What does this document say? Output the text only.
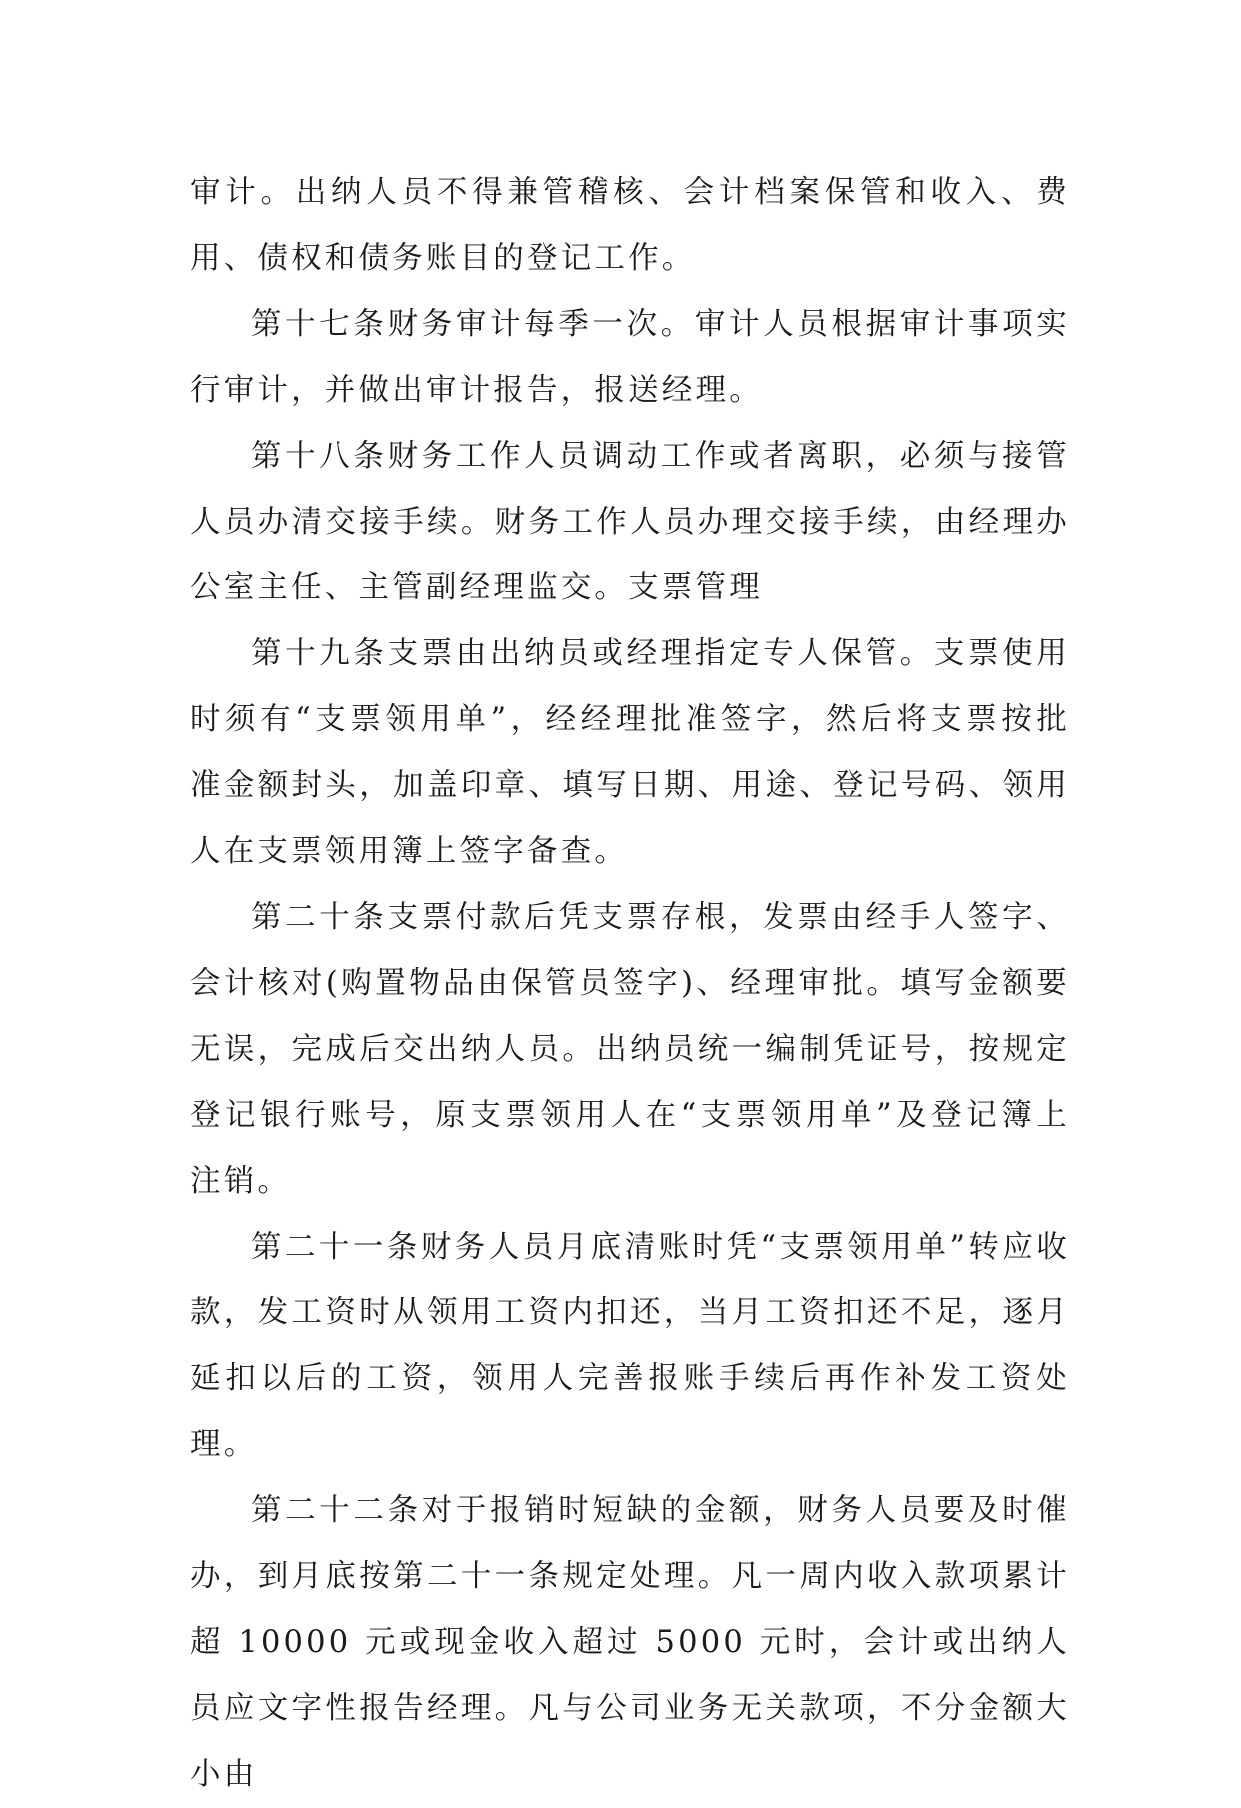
审计。出纳人员不得兼管稽核、会计档案保管和收入、费用、债权和债务账目的登记工作。

第十七条财务审计每季一次。审计人员根据审计事项实行审计，并做出审计报告，报送经理。

第十八条财务工作人员调动工作或者离职，必须与接管人员办清交接手续。财务工作人员办理交接手续，由经理办公室主任、主管副经理监交。支票管理

第十九条支票由出纳员或经理指定专人保管。支票使用时须有“支票领用单”，经经理批准签字，然后将支票按批准金额封头，加盖印章、填写日期、用途、登记号码、领用人在支票领用簿上签字备查。

第二十条支票付款后凭支票存根，发票由经手人签字、会计核对(购置物品由保管员签字)、经理审批。填写金额要无误，完成后交出纳人员。出纳员统一编制凭证号，按规定登记银行账号，原支票领用人在“支票领用单”及登记簿上注销。

第二十一条财务人员月底清账时凭“支票领用单”转应收款，发工资时从领用工资内扣还，当月工资扣还不足，逐月延扣以后的工资，领用人完善报账手续后再作补发工资处理。

第二十二条对于报销时短缺的金额，财务人员要及时催办，到月底按第二十一条规定处理。凡一周内收入款项累计超 10000 元或现金收入超过 5000 元时，会计或出纳人员应文字性报告经理。凡与公司业务无关款项，不分金额大小由
